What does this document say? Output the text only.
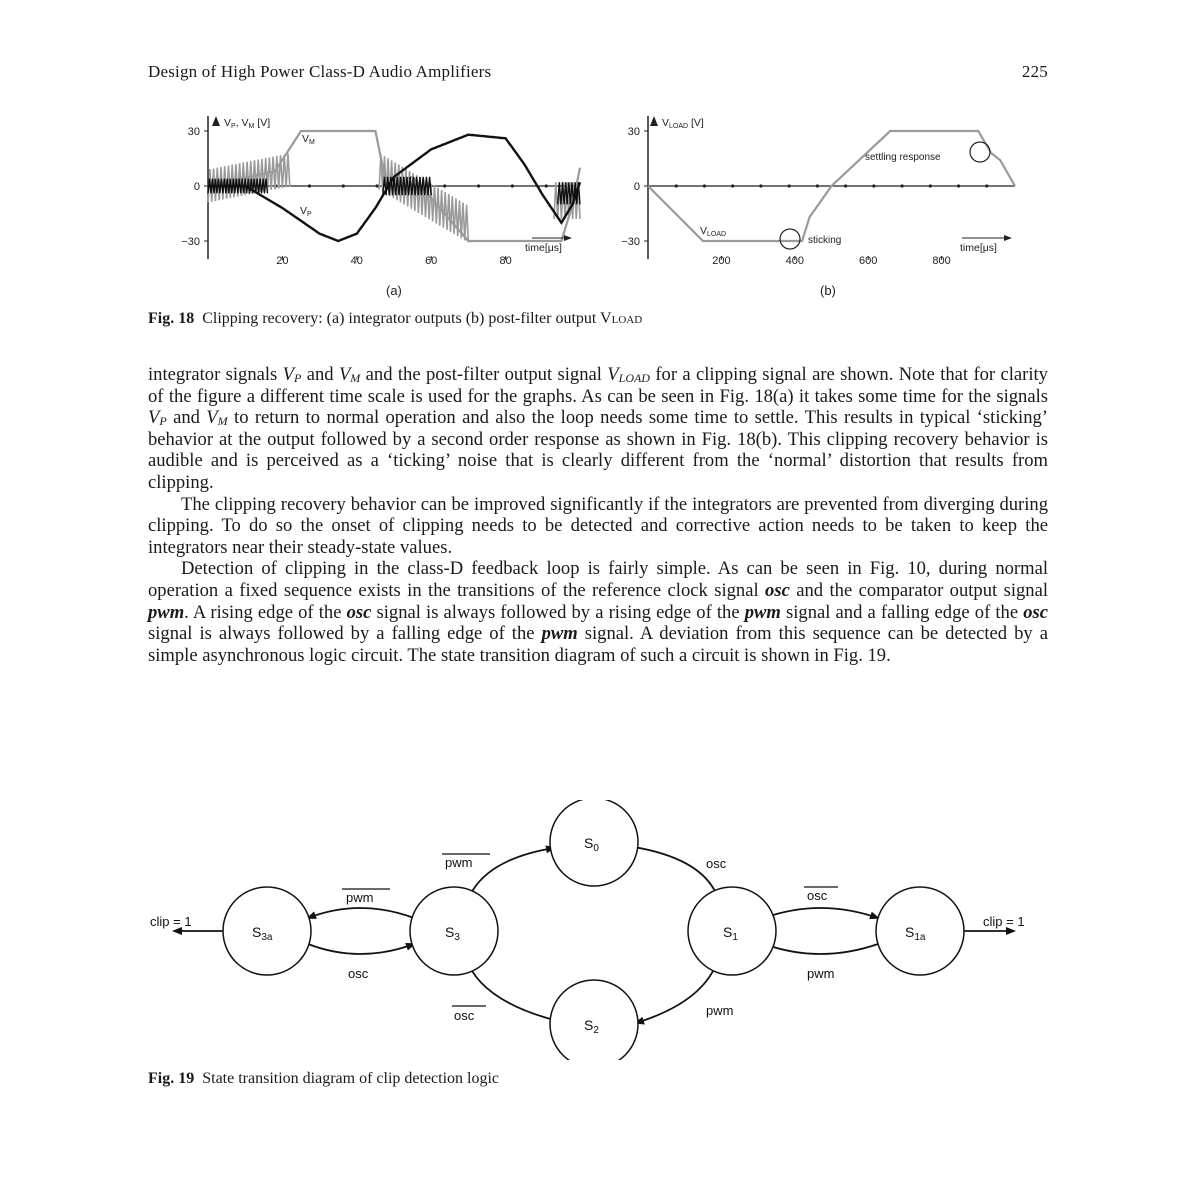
Design of High Power Class-D Audio Amplifiers	225
30
0
−30
20	40	60	80
VP, VM [V]
VM
VP
time[μs]
(a)
30
0
−30
200	400	600	800
VLOAD [V]
VLOAD
sticking
settling response
time[μs]
(b)
Fig. 18 Clipping recovery: (a) integrator outputs (b) post-filter output VLOAD

integrator signals $V_P$ and $V_M$ and the post-filter output signal $V_{LOAD}$ for a clipping signal are shown. Note that for clarity of the figure a different time scale is used for the graphs. As can be seen in Fig. 18(a) it takes some time for the signals $V_P$ and $V_M$ to return to normal operation and also the loop needs some time to settle. This results in typical ‘sticking’ behavior at the output followed by a second order response as shown in Fig. 18(b). This clipping recovery behavior is audible and is perceived as a ‘ticking’ noise that is clearly different from the ‘normal’ distortion that results from clipping.

The clipping recovery behavior can be improved significantly if the integrators are prevented from diverging during clipping. To do so the onset of clipping needs to be detected and corrective action needs to be taken to keep the integrators near their steady-state values.

Detection of clipping in the class-D feedback loop is fairly simple. As can be seen in Fig. 10, during normal operation a fixed sequence exists in the transitions of the reference clock signal osc and the comparator output signal pwm. A rising edge of the osc signal is always followed by a rising edge of the pwm signal and a falling edge of the osc signal is always followed by a falling edge of the pwm signal. A deviation from this sequence can be detected by a simple asynchronous logic circuit. The state transition diagram of such a circuit is shown in Fig. 19.

$S_0$
$S_1$
$S_2$
$S_3$	$S_{1a}$
$S_{3a}$
osc
pwm
osc
pwm
osc
pwm
pwm
osc
clip = 1	clip = 1
Fig. 19 State transition diagram of clip detection logic
